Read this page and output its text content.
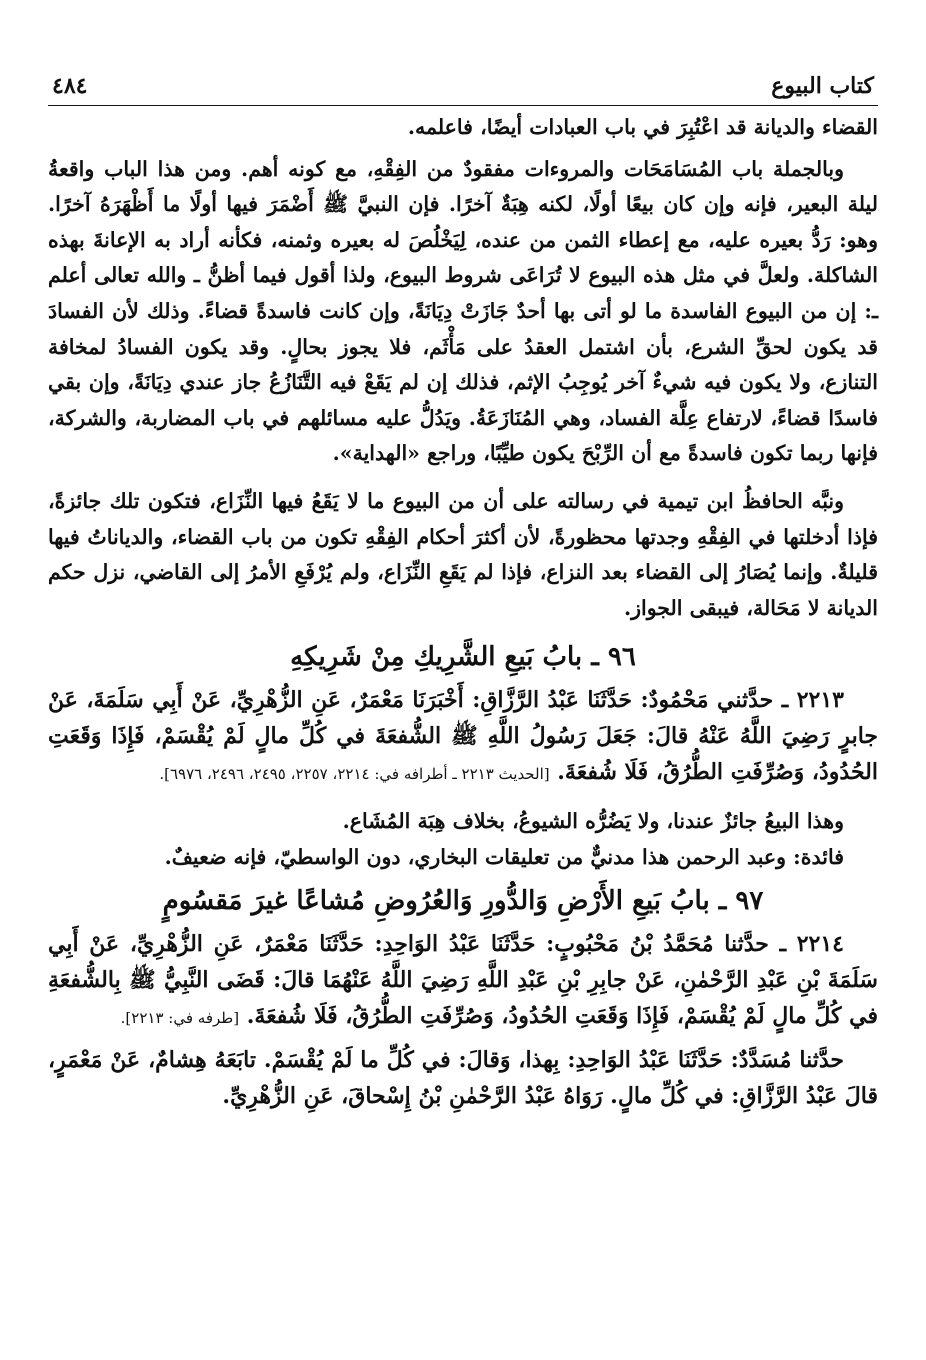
٤٨٤	كتاب البيوع

القضاء والديانة قد اعْتُبِرَ في باب العبادات أيضًا، فاعلمه.

وبالجملة باب المُسَامَحَات والمروءات مفقودٌ من الفِقْهِ، مع كونه أهم. ومن هذا الباب واقعةُ ليلة البعير، فإنه وإن كان بيعًا أولًا، لكنه هِبَةٌ آخرًا. فإن النبيَّ ﷺ أَضْمَرَ فيها أولًا ما أَظْهَرَهُ آخرًا. وهو: رَدُّ بعيره عليه، مع إعطاء الثمن من عنده، لِيَخْلُصَ له بعيره وثمنه، فكأنه أراد به الإعانةَ بهذه الشاكلة. ولعلَّ في مثل هذه البيوع لا تُرَاعَى شروط البيوع، ولذا أقول فيما أظنُّ ـ والله تعالى أعلم ـ: إن من البيوع الفاسدة ما لو أتى بها أحدٌ جَازَتْ دِيَانَةً، وإن كانت فاسدةً قضاءً. وذلك لأن الفسادَ قد يكون لحقِّ الشرع، بأن اشتمل العقدُ على مَأْثَم، فلا يجوز بحالٍ. وقد يكون الفسادُ لمخافة التنازع، ولا يكون فيه شيءٌ آخر يُوجِبُ الإثم، فذلك إن لم يَقَعْ فيه التَّنَازُعُ جاز عندي دِيَانَةً، وإن بقي فاسدًا قضاءً، لارتفاع عِلَّة الفساد، وهي المُنَازَعَةُ. ويَدُلُّ عليه مسائلهم في باب المضاربة، والشركة، فإنها ربما تكون فاسدةً مع أن الرِّبْحَ يكون طيِّبًا، وراجع «الهداية».

ونبَّه الحافظُ ابن تيمية في رسالته على أن من البيوع ما لا يَقَعُ فيها النِّزَاع، فتكون تلك جائزةً، فإذا أدخلتها في الفِقْهِ وجدتها محظورةً، لأن أكثرَ أحكام الفِقْهِ تكون من باب القضاء، والدياناتُ فيها قليلةٌ. وإنما يُصَارُ إلى القضاء بعد النزاع، فإذا لم يَقَعِ النِّزَاع، ولم يُرْفَعِ الأمرُ إلى القاضي، نزل حكم الديانة لا مَحَالة، فيبقى الجواز.

٩٦ ـ بابُ بَيعِ الشَّرِيكِ مِنْ شَرِيكِهِ

٢٢١٣ ـ حدَّثني مَحْمُودٌ: حَدَّثَنَا عَبْدُ الرَّزَّاقِ: أَخْبَرَنَا مَعْمَرٌ، عَنِ الزُّهْرِيِّ، عَنْ أَبِي سَلَمَةَ، عَنْ جابرٍ رَضِيَ اللَّهُ عَنْهُ قالَ: جَعَلَ رَسُولُ اللَّهِ ﷺ الشُّفعَةَ في كُلِّ مالٍ لَمْ يُقْسَمْ، فَإِذَا وَقَعَتِ الحُدُودُ، وَصُرِّفَتِ الطُّرُقُ، فَلَا شُفعَةَ. [الحديث ٢٢١٣ ـ أطرافه في: ٢٢١٤، ٢٢٥٧، ٢٤٩٥، ٢٤٩٦، ٦٩٧٦].

وهذا البيعُ جائزٌ عندنا، ولا يَضُرُّه الشيوعُ، بخلاف هِبَة المُشَاع.

فائدة: وعبد الرحمن هذا مدنيٌّ من تعليقات البخاري، دون الواسطيّ، فإنه ضعيفٌ.

٩٧ ـ بابُ بَيعِ الأَرْضِ وَالدُّورِ وَالعُرُوضِ مُشاعًا غيرَ مَقسُومٍ

٢٢١٤ ـ حدَّثنا مُحَمَّدُ بْنُ مَحْبُوبٍ: حَدَّثَنَا عَبْدُ الوَاحِدِ: حَدَّثَنَا مَعْمَرٌ، عَنِ الزُّهْرِيِّ، عَنْ أَبِي سَلَمَةَ بْنِ عَبْدِ الرَّحْمٰنِ، عَنْ جابِرِ بْنِ عَبْدِ اللَّهِ رَضِيَ اللَّهُ عَنْهُمَا قالَ: قَضَى النَّبِيُّ ﷺ بِالشُّفعَةِ في كُلِّ مالٍ لَمْ يُقْسَمْ، فَإِذَا وَقَعَتِ الحُدُودُ، وَصُرِّفَتِ الطُّرُقُ، فَلَا شُفعَةَ. [طرفه في: ٢٢١٣].

حدَّثنا مُسَدَّدٌ: حَدَّثَنَا عَبْدُ الوَاحِدِ: بِهذا، وَقالَ: في كُلِّ ما لَمْ يُقْسَمْ. تابَعَهُ هِشامٌ، عَنْ مَعْمَرٍ، قالَ عَبْدُ الرَّزَّاقِ: في كُلِّ مالٍ. رَوَاهُ عَبْدُ الرَّحْمٰنِ بْنُ إِسْحاقَ، عَنِ الزُّهْرِيِّ.
